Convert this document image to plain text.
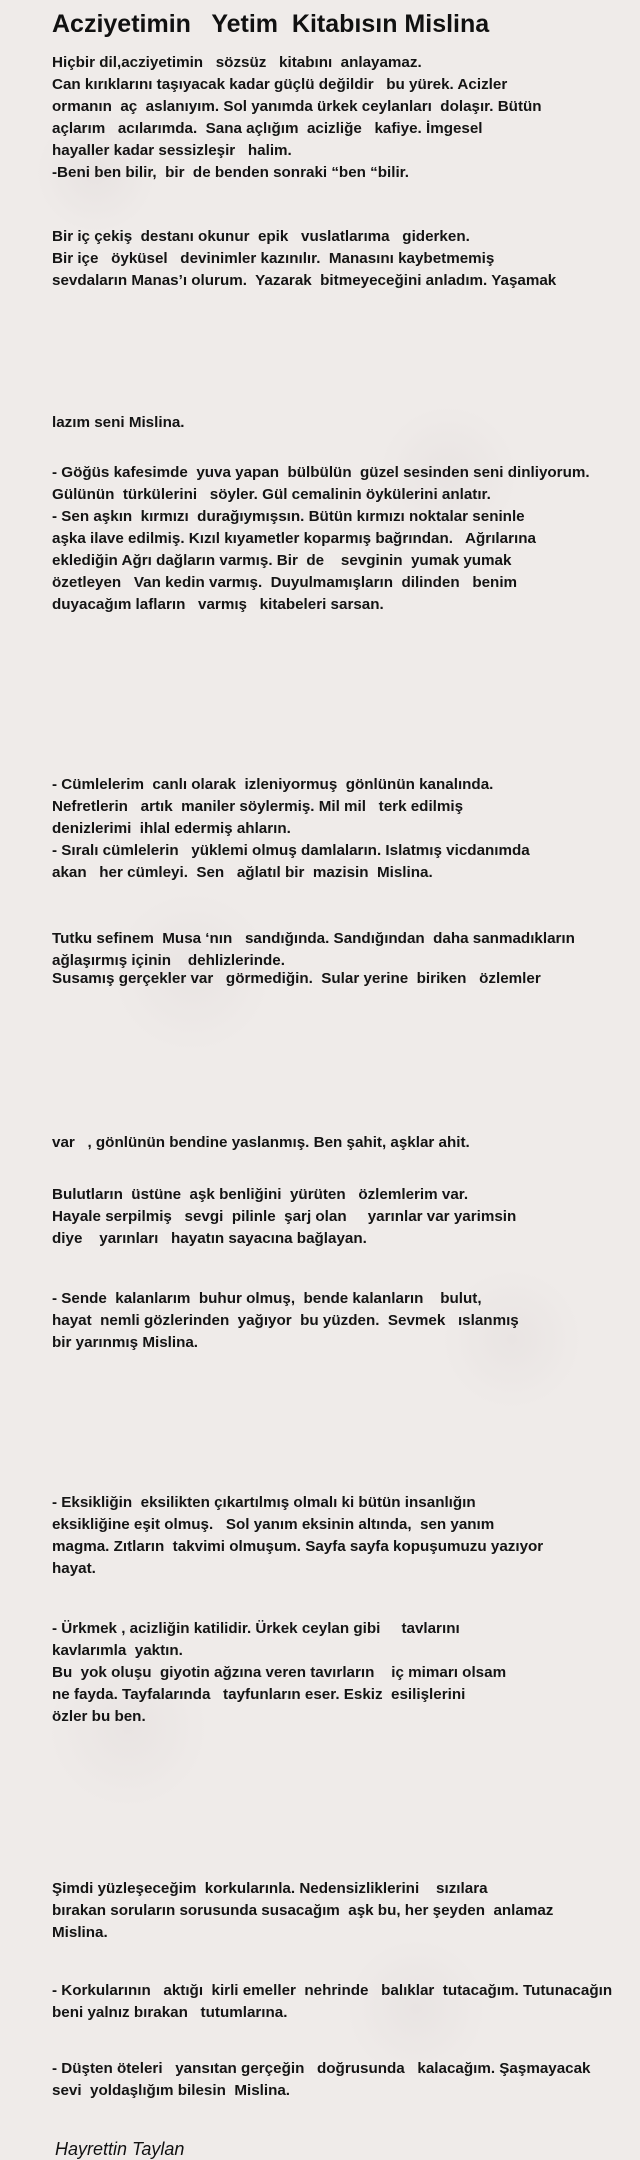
Acziyetimin   Yetim  Kitabısın Mislina
Hiçbir dil,acziyetimin   sözsüz   kitabını  anlayamaz.
Can kırıklarını taşıyacak kadar güçlü değildir   bu yürek. Acizler
ormanın  aç  aslanıyım. Sol yanımda ürkek ceylanları  dolaşır. Bütün
açlarım   acılarımda.  Sana açlığım  acizliğe   kafiye. İmgesel
hayaller kadar sessizleşir   halim.
-Beni ben bilir,  bir  de benden sonraki “ben “bilir.
Bir iç çekiş  destanı okunur  epik   vuslatlarıma   giderken.
Bir içe   öyküsel   devinimler kazınılır.  Manasını kaybetmemiş
sevdaların Manas’ı olurum.  Yazarak  bitmeyeceğini anladım. Yaşamak
lazım seni Mislina.
- Göğüs kafesimde  yuva yapan  bülbülün  güzel sesinden seni dinliyorum.
Gülünün  türkülerini   söyler. Gül cemalinin öykülerini anlatır.
- Sen aşkın  kırmızı  durağıymışsın. Bütün kırmızı noktalar seninle
aşka ilave edilmiş. Kızıl kıyametler koparmış bağrından.   Ağrılarına
eklediğin Ağrı dağların varmış. Bir  de    sevginin  yumak yumak
özetleyen   Van kedin varmış.  Duyulmamışların  dilinden   benim
duyacağım lafların   varmış   kitabeleri sarsan.
- Cümlelerim  canlı olarak  izleniyormuş  gönlünün kanalında.
Nefretlerin   artık  maniler söylermiş. Mil mil   terk edilmiş
denizlerimi  ihlal edermiş ahların.
- Sıralı cümlelerin   yüklemi olmuş damlaların. Islatmış vicdanımda
akan   her cümleyi.  Sen   ağlatıl bir  mazisin  Mislina.
Tutku sefinem  Musa ‘nın   sandığında. Sandığından  daha sanmadıkların
ağlaşırmış içinin    dehlizlerinde.
Susamış gerçekler var   görmediğin.  Sular yerine  biriken   özlemler
var   , gönlünün bendine yaslanmış. Ben şahit, aşklar ahit.
Bulutların  üstüne  aşk benliğini  yürüten   özlemlerim var.
Hayale serpilmiş   sevgi  pilinle  şarj olan     yarınlar var yarimsin
diye    yarınları   hayatın sayacına bağlayan.
- Sende  kalanlarım  buhur olmuş,  bende kalanların    bulut,
hayat  nemli gözlerinden  yağıyor  bu yüzden.  Sevmek   ıslanmış
bir yarınmış Mislina.
- Eksikliğin  eksilikten çıkartılmış olmalı ki bütün insanlığın
eksikliğine eşit olmuş.   Sol yanım eksinin altında,  sen yanım
magma. Zıtların  takvimi olmuşum. Sayfa sayfa kopuşumuzu yazıyor
hayat.
- Ürkmek , acizliğin katilidir. Ürkek ceylan gibi     tavlarını
kavlarımla  yaktın.
Bu  yok oluşu  giyotin ağzına veren tavırların    iç mimarı olsam
ne fayda. Tayfalarında   tayfunların eser. Eskiz  esilişlerini
özler bu ben.
Şimdi yüzleşeceğim  korkularınla. Nedensizliklerini    sızılara
bırakan soruların sorusunda susacağım  aşk bu, her şeyden  anlamaz
Mislina.
- Korkularının   aktığı  kirli emeller  nehrinde   balıklar  tutacağım. Tutunacağın
beni yalnız bırakan   tutumlarına.
- Düşten öteleri   yansıtan gerçeğin   doğrusunda   kalacağım. Şaşmayacak
sevi  yoldaşlığım bilesin  Mislina.
Hayrettin Taylan
